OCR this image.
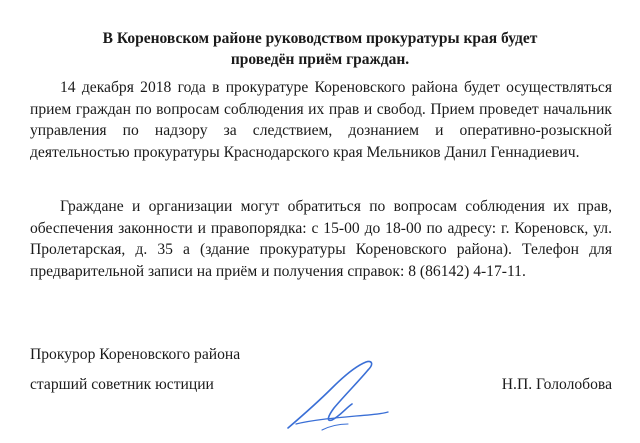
В Кореновском районе руководством прокуратуры края будет
проведён приём граждан.

14 декабря 2018 года в прокуратуре Кореновского района будет осуществляться прием граждан по вопросам соблюдения их прав и свобод. Прием проведет начальник управления по надзору за следствием, дознанием и оперативно-розыскной деятельностью прокуратуры Краснодарского края Мельников Данил Геннадиевич.

Граждане и организации могут обратиться по вопросам соблюдения их прав, обеспечения законности и правопорядка: с 15-00 до 18-00 по адресу: г. Кореновск, ул. Пролетарская, д. 35 а (здание прокуратуры Кореновского района). Телефон для предварительной записи на приём и получения справок: 8 (86142) 4-17-11.

Прокурор Кореновского района
старший советник юстиции	Н.П. Гололобова
